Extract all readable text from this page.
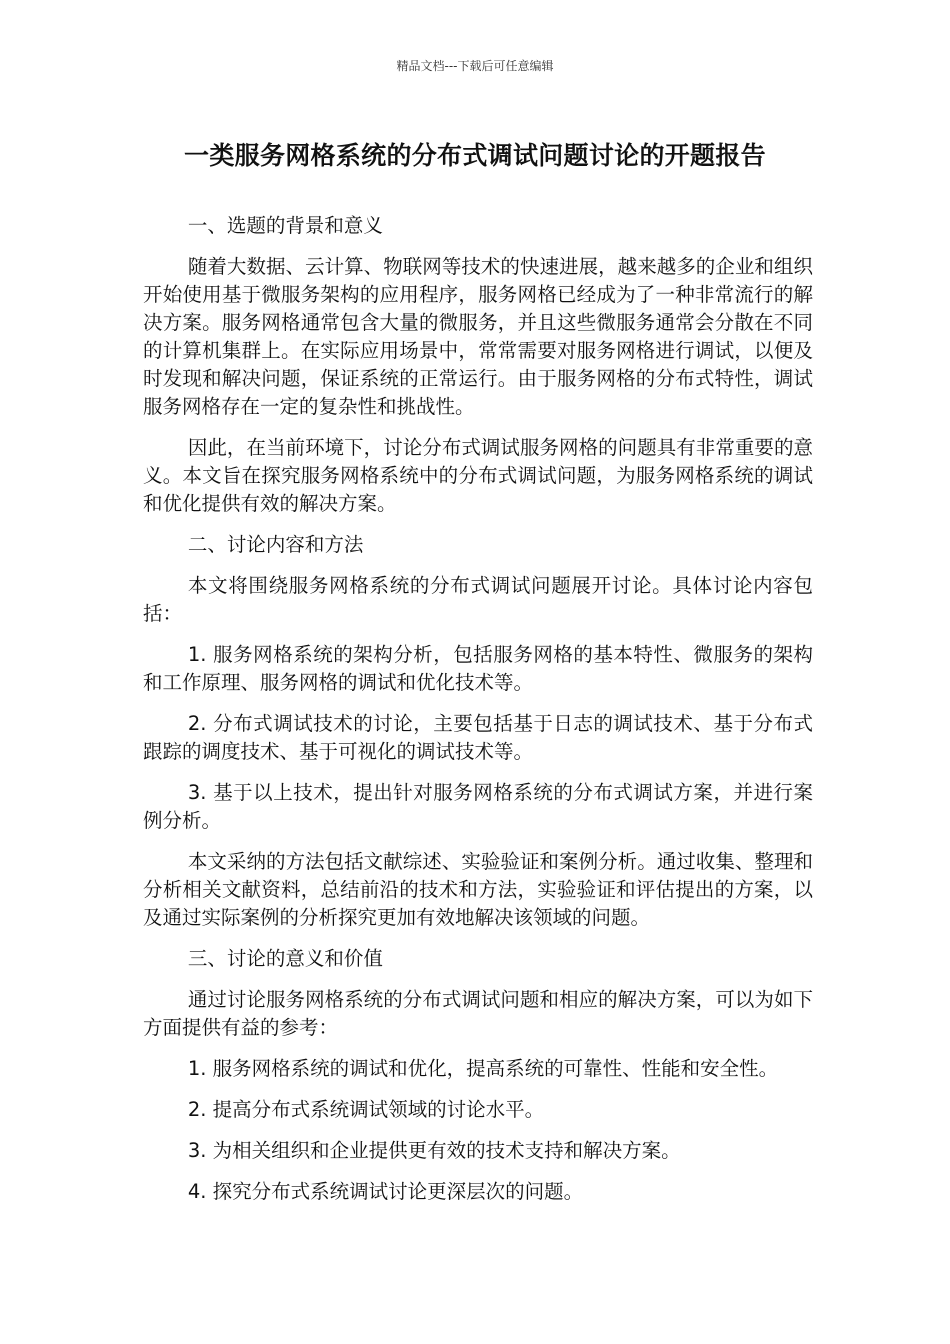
精品文档---下载后可任意编辑
一类服务网格系统的分布式调试问题讨论的开题报告
一、选题的背景和意义
随着大数据、云计算、物联网等技术的快速进展，越来越多的企业和组织开始使用基于微服务架构的应用程序，服务网格已经成为了一种非常流行的解决方案。服务网格通常包含大量的微服务，并且这些微服务通常会分散在不同的计算机集群上。在实际应用场景中，常常需要对服务网格进行调试，以便及时发现和解决问题，保证系统的正常运行。由于服务网格的分布式特性，调试服务网格存在一定的复杂性和挑战性。
因此，在当前环境下，讨论分布式调试服务网格的问题具有非常重要的意义。本文旨在探究服务网格系统中的分布式调试问题，为服务网格系统的调试和优化提供有效的解决方案。
二、讨论内容和方法
本文将围绕服务网格系统的分布式调试问题展开讨论。具体讨论内容包括：
1. 服务网格系统的架构分析，包括服务网格的基本特性、微服务的架构和工作原理、服务网格的调试和优化技术等。
2. 分布式调试技术的讨论，主要包括基于日志的调试技术、基于分布式跟踪的调度技术、基于可视化的调试技术等。
3. 基于以上技术，提出针对服务网格系统的分布式调试方案，并进行案例分析。
本文采纳的方法包括文献综述、实验验证和案例分析。通过收集、整理和分析相关文献资料，总结前沿的技术和方法，实验验证和评估提出的方案，以及通过实际案例的分析探究更加有效地解决该领域的问题。
三、讨论的意义和价值
通过讨论服务网格系统的分布式调试问题和相应的解决方案，可以为如下方面提供有益的参考：
1. 服务网格系统的调试和优化，提高系统的可靠性、性能和安全性。
2. 提高分布式系统调试领域的讨论水平。
3. 为相关组织和企业提供更有效的技术支持和解决方案。
4. 探究分布式系统调试讨论更深层次的问题。
